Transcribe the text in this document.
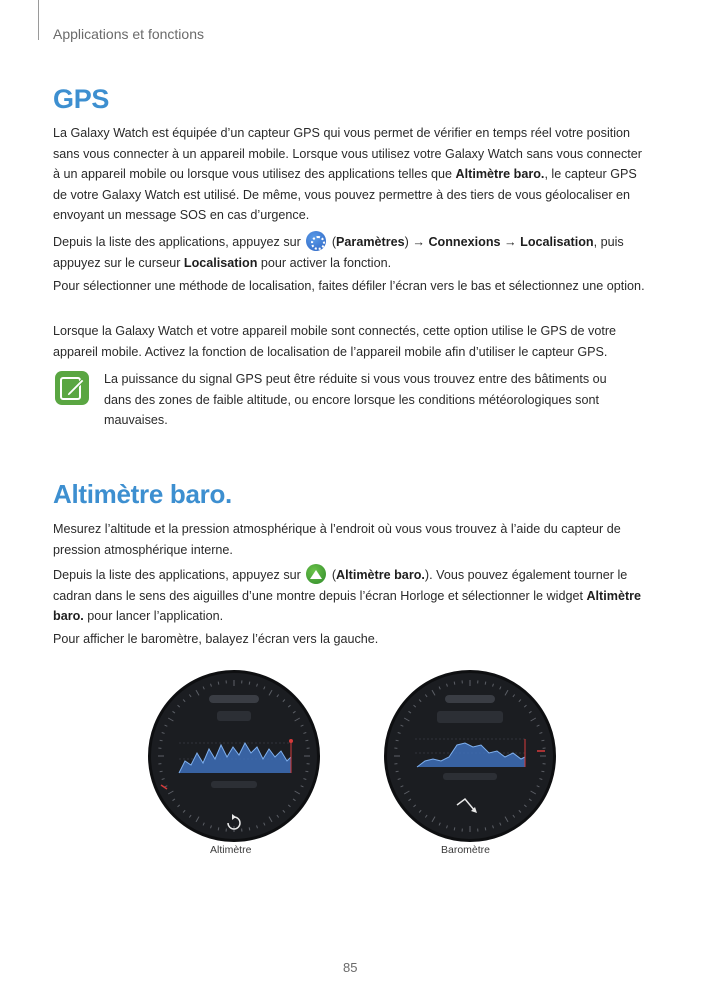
Applications et fonctions
GPS

La Galaxy Watch est équipée d’un capteur GPS qui vous permet de vérifier en temps réel votre position sans vous connecter à un appareil mobile. Lorsque vous utilisez votre Galaxy Watch sans vous connecter à un appareil mobile ou lorsque vous utilisez des applications telles que Altimètre baro., le capteur GPS de votre Galaxy Watch est utilisé. De même, vous pouvez permettre à des tiers de vous géolocaliser en envoyant un message SOS en cas d’urgence.

Depuis la liste des applications, appuyez sur  (Paramètres) → Connexions → Localisation, puis appuyez sur le curseur Localisation pour activer la fonction.

Pour sélectionner une méthode de localisation, faites défiler l’écran vers le bas et sélectionnez une option.

Lorsque la Galaxy Watch et votre appareil mobile sont connectés, cette option utilise le GPS de votre appareil mobile. Activez la fonction de localisation de l’appareil mobile afin d’utiliser le capteur GPS.

La puissance du signal GPS peut être réduite si vous vous trouvez entre des bâtiments ou dans des zones de faible altitude, ou encore lorsque les conditions météorologiques sont mauvaises.

Altimètre baro.

Mesurez l’altitude et la pression atmosphérique à l’endroit où vous vous trouvez à l’aide du capteur de pression atmosphérique interne.

Depuis la liste des applications, appuyez sur  (Altimètre baro.). Vous pouvez également tourner le cadran dans le sens des aiguilles d’une montre depuis l’écran Horloge et sélectionner le widget Altimètre baro. pour lancer l’application.

Pour afficher le baromètre, balayez l’écran vers la gauche.

Altimètre	Baromètre
85
